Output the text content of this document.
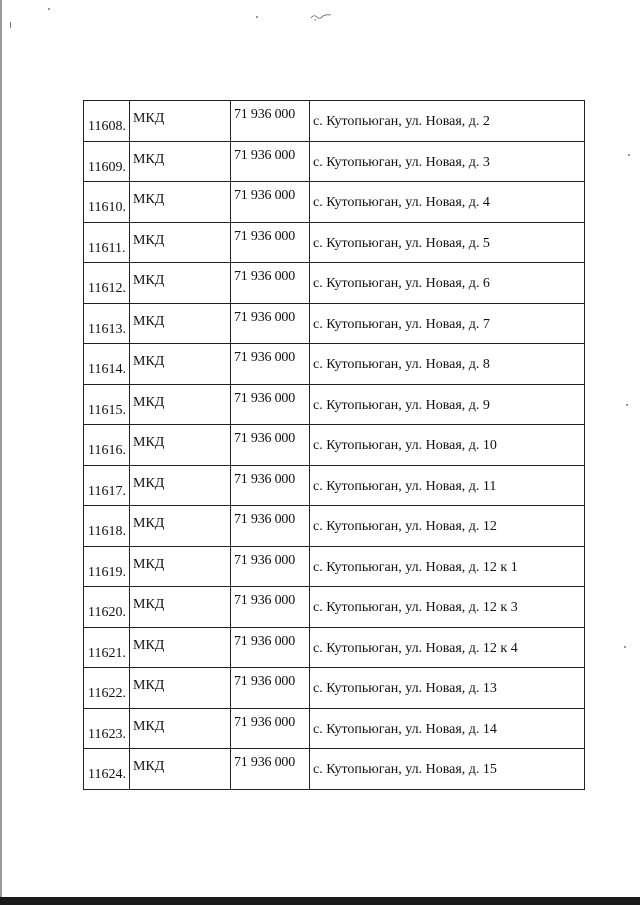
11608.	МКД	71 936 000	с. Кутопьюган, ул. Новая, д. 2

11609.	МКД	71 936 000	с. Кутопьюган, ул. Новая, д. 3

11610.	МКД	71 936 000	с. Кутопьюган, ул. Новая, д. 4

11611.	МКД	71 936 000	с. Кутопьюган, ул. Новая, д. 5

11612.	МКД	71 936 000	с. Кутопьюган, ул. Новая, д. 6

11613.	МКД	71 936 000	с. Кутопьюган, ул. Новая, д. 7

11614.	МКД	71 936 000	с. Кутопьюган, ул. Новая, д. 8

11615.	МКД	71 936 000	с. Кутопьюган, ул. Новая, д. 9

11616.	МКД	71 936 000	с. Кутопьюган, ул. Новая, д. 10

11617.	МКД	71 936 000	с. Кутопьюган, ул. Новая, д. 11

11618.	МКД	71 936 000	с. Кутопьюган, ул. Новая, д. 12

11619.	МКД	71 936 000	с. Кутопьюган, ул. Новая, д. 12 к 1

11620.	МКД	71 936 000	с. Кутопьюган, ул. Новая, д. 12 к 3

11621.	МКД	71 936 000	с. Кутопьюган, ул. Новая, д. 12 к 4

11622.	МКД	71 936 000	с. Кутопьюган, ул. Новая, д. 13

11623.	МКД	71 936 000	с. Кутопьюган, ул. Новая, д. 14

11624.	МКД	71 936 000	с. Кутопьюган, ул. Новая, д. 15
